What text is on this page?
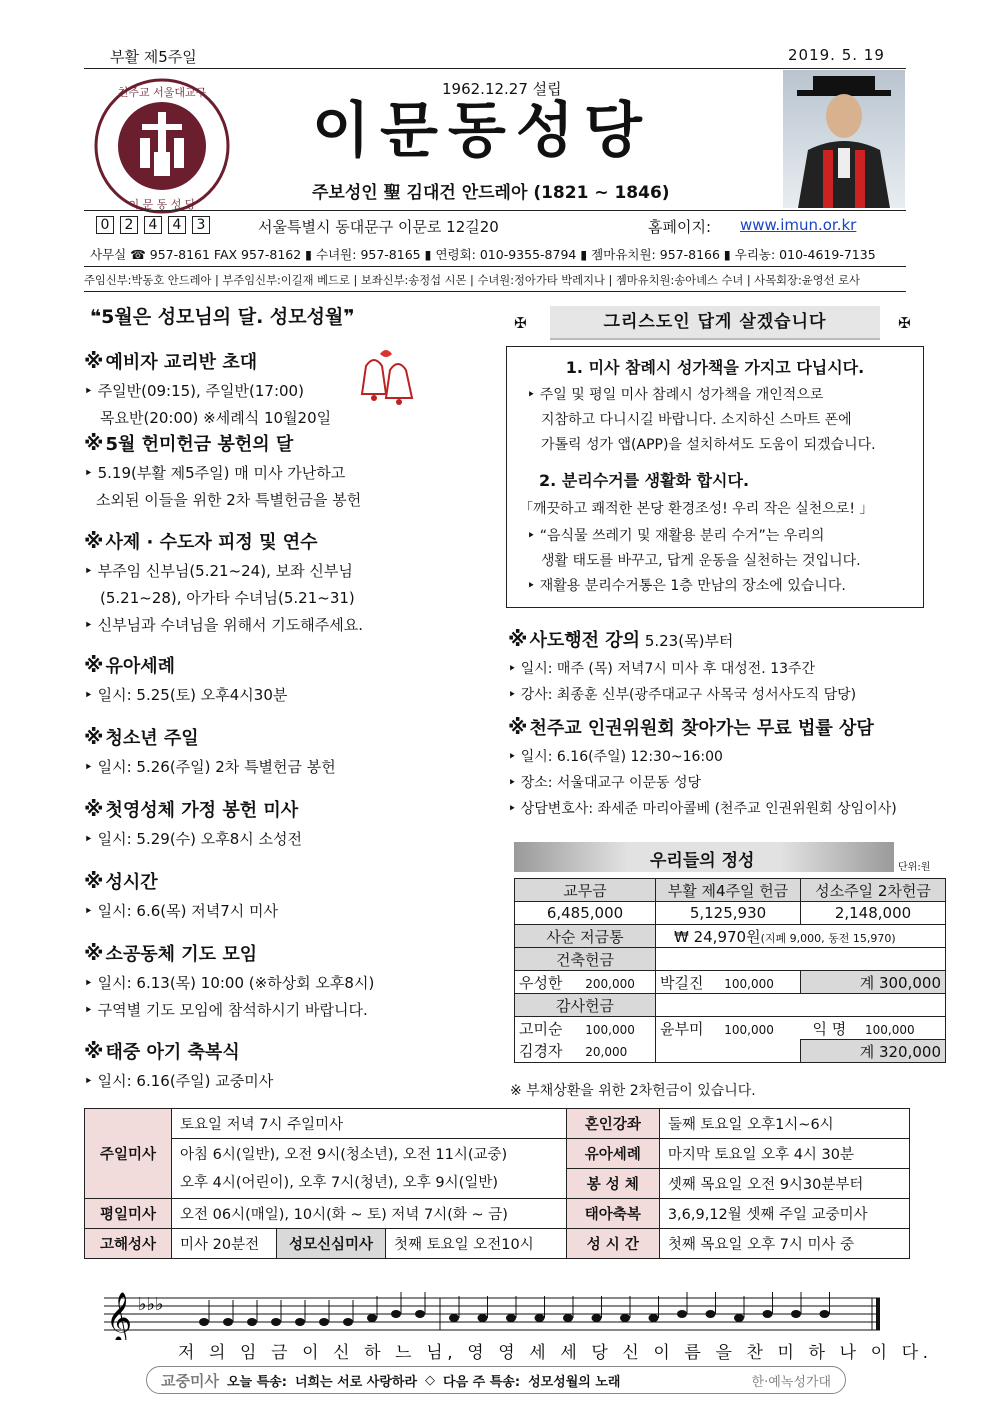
부활 제5주일	2019. 5. 19
천주교 서울대교구
이 문 동 성 당
1962.12.27 설립
이문동성당
주보성인 聖 김대건 안드레아 (1821 ~ 1846)
0	2	4	4	3	서울특별시 동대문구 이문로 12길20	홈페이지: www.imun.or.kr
사무실 ☎ 957-8161 FAX 957-8162 ▮ 수녀원: 957-8165 ▮ 연령회: 010-9355-8794 ▮ 젬마유치원: 957-8166 ▮ 우리농: 010-4619-7135
주임신부:박동호 안드레아 | 부주임신부:이길재 베드로 | 보좌신부:송정섭 시몬 | 수녀원:정아가타 박레지나 | 젬마유치원:송아녜스 수녀 | 사목회장:윤영선 로사
❝5월은 성모님의 달. 성모성월❞
※ 예비자 교리반 초대
‣ 주일반(09:15), 주일반(17:00)
목요반(20:00) ※세례식 10월20일
※ 5월 헌미헌금 봉헌의 달
‣ 5.19(부활 제5주일) 매 미사 가난하고
소외된 이들을 위한 2차 특별헌금을 봉헌
※ 사제 · 수도자 피정 및 연수
‣ 부주임 신부님(5.21~24), 보좌 신부님
(5.21~28), 아가타 수녀님(5.21~31)
‣ 신부님과 수녀님을 위해서 기도해주세요.
※ 유아세례
‣ 일시: 5.25(토) 오후4시30분
※ 청소년 주일
‣ 일시: 5.26(주일) 2차 특별헌금 봉헌
※ 첫영성체 가정 봉헌 미사
‣ 일시: 5.29(수) 오후8시 소성전
※ 성시간
‣ 일시: 6.6(목) 저녁7시 미사
※ 소공동체 기도 모임
‣ 일시: 6.13(목) 10:00 (※하상회 오후8시)
‣ 구역별 기도 모임에 참석하시기 바랍니다.
※ 태중 아기 축복식
‣ 일시: 6.16(주일) 교중미사
✠	그리스도인 답게 살겠습니다	✠
1. 미사 참례시 성가책을 가지고 다닙시다.
‣ 주일 및 평일 미사 참례시 성가책을 개인적으로
지참하고 다니시길 바랍니다. 소지하신 스마트 폰에
가톨릭 성가 앱(APP)을 설치하셔도 도움이 되겠습니다.
2. 분리수거를 생활화 합시다.
「깨끗하고 쾌적한 본당 환경조성! 우리 작은 실천으로! 」
‣ “음식물 쓰레기 및 재활용 분리 수거”는 우리의
생활 태도를 바꾸고, 답게 운동을 실천하는 것입니다.
‣ 재활용 분리수거통은 1층 만남의 장소에 있습니다.
※ 사도행전 강의 5.23(목)부터
‣ 일시: 매주 (목) 저녁7시 미사 후 대성전. 13주간
‣ 강사: 최종훈 신부(광주대교구 사목국 성서사도직 담당)
※ 천주교 인권위원회 찾아가는 무료 법률 상담
‣ 일시: 6.16(주일) 12:30~16:00
‣ 장소: 서울대교구 이문동 성당
‣ 상담변호사: 좌세준 마리아콜베 (천주교 인권위원회 상임이사)
우리들의 정성	단위:원
교무금	부활 제4주일 헌금	성소주일 2차헌금
6,485,000	5,125,930	2,148,000
사순 저금통	₩ 24,970원(지폐 9,000, 동전 15,970)	
건축헌금		
우성한 200,000	박길진 100,000	계 300,000
감사헌금		
고미순 100,000	윤부미 100,000	익 명 100,000
김경자 20,000		계 320,000
※ 부채상환을 위한 2차헌금이 있습니다.
주일미사	토요일 저녁 7시 주일미사			혼인강좌	둘째 토요일 오후1시~6시

	아침 6시(일반), 오전 9시(청소년), 오전 11시(교중)
오후 4시(어린이), 오후 7시(청년), 오후 9시(일반)			유아세례	마지막 토요일 오후 4시 30분
				봉 성 체	셋째 목요일 오전 9시30분부터
평일미사	오전 06시(매일), 10시(화 ~ 토) 저녁 7시(화 ~ 금)			태아축복	3,6,9,12월 셋째 주일 교중미사
고해성사	미사 20분전	성모신심미사	첫째 토요일 오전10시	성 시 간	첫째 목요일 오후 7시 미사 중
𝄞 ♭♭♭
저 의 임 금 이 신 하 느 님, 영 영 세 세 당 신 이 름 을 찬 미 하 나 이 다.
교중미사 오늘 특송: 너희는 서로 사랑하라 ◇ 다음 주 특송: 성모성월의 노래	한·예녹성가대
